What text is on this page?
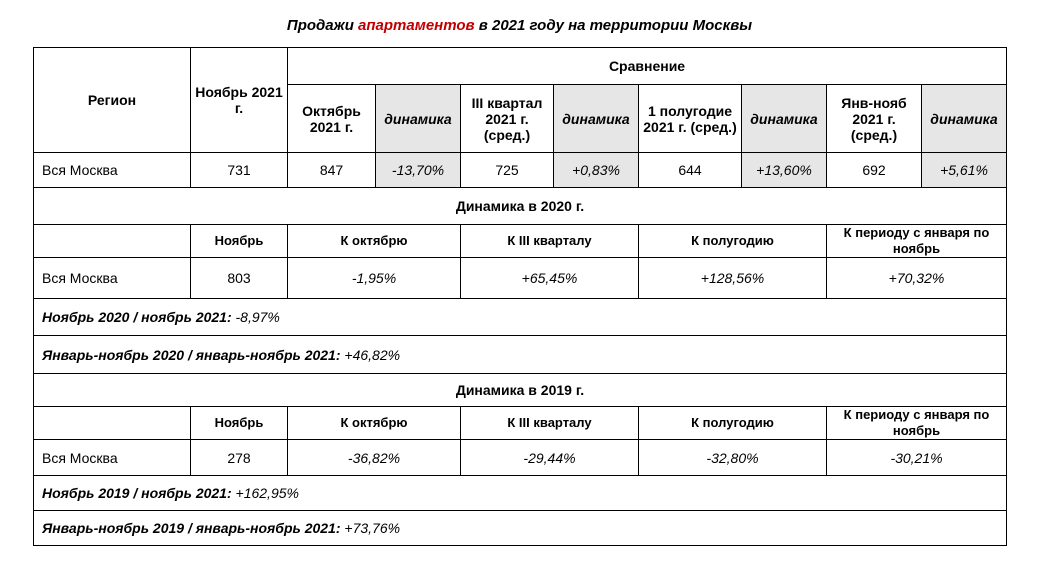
Продажи апартаментов в 2021 году на территории Москвы
Регион	Ноябрь 2021 г.	Сравнение							
		Октябрь 2021 г.	динамика	III квартал 2021 г. (сред.)	динамика	1 полугодие 2021 г. (сред.)	динамика	Янв-нояб 2021 г. (сред.)	динамика
Вся Москва	731	847	-13,70%	725	+0,83%	644	+13,60%	692	+5,61%
Динамика в 2020 г.									
	Ноябрь	К октябрю		К III кварталу		К полугодию		К периоду с января по ноябрь	
Вся Москва	803	-1,95%		+65,45%		+128,56%		+70,32%	
Ноябрь 2020 / ноябрь 2021: -8,97%									
Январь-ноябрь 2020 / январь-ноябрь 2021: +46,82%									
Динамика в 2019 г.									
	Ноябрь	К октябрю		К III кварталу		К полугодию		К периоду с января по ноябрь	
Вся Москва	278	-36,82%		-29,44%		-32,80%		-30,21%	
Ноябрь 2019 / ноябрь 2021: +162,95%									
Январь-ноябрь 2019 / январь-ноябрь 2021: +73,76%									
